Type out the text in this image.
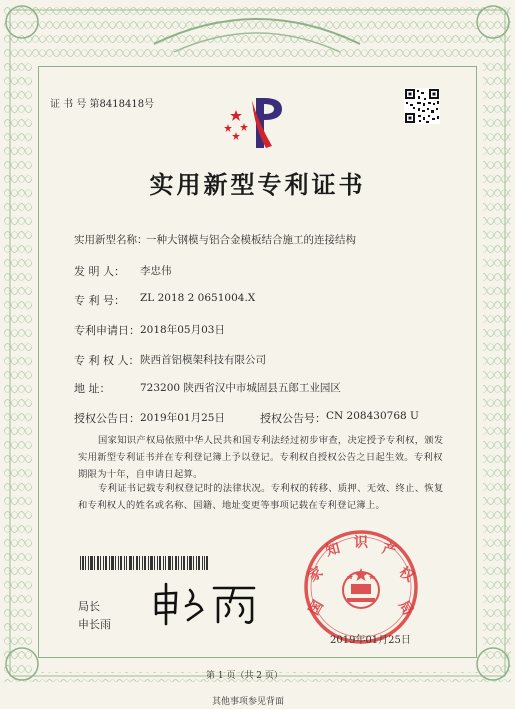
证 书 号 第8418418号
实用新型专利证书
实用新型名称：
一种大钢模与铝合金模板结合施工的连接结构
发 明 人： 李忠伟
专 利 号： ZL 2018 2 0651004.X
专利申请日： 2018年05月03日
专 利 权 人： 陕西首铝模架科技有限公司
地 址：	723200 陕西省汉中市城固县五郎工业园区
授权公告日： 2019年01月25日	授权公告号： CN 208430768 U
国家知识产权局依照中华人民共和国专利法经过初步审查，决定授予专利权，颁发实用新型专利证书并在专利登记簿上予以登记。专利权自授权公告之日起生效。专利权期限为十年，自申请日起算。
专利证书记载专利权登记时的法律状况。专利权的转移、质押、无效、终止、恢复和专利权人的姓名或名称、国籍、地址变更等事项记载在专利登记簿上。
局长
申长雨
国
家
知 识 产
权
局
2019年01月25日
第 1 页（共 2 页）
其他事项参见背面
